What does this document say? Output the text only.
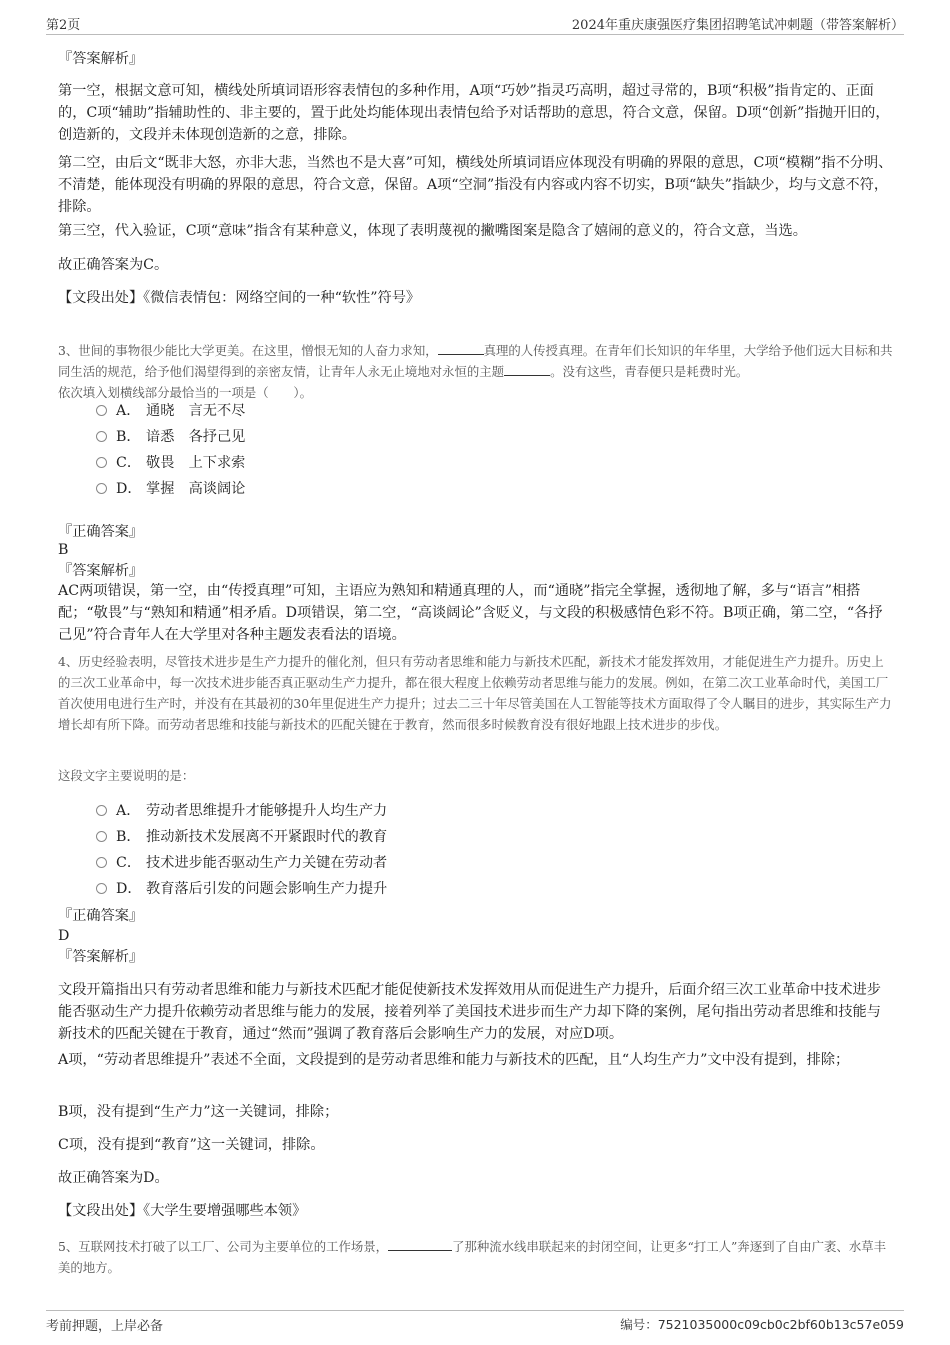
第2页	2024年重庆康强医疗集团招聘笔试冲刺题（带答案解析）
『答案解析』

第一空，根据文意可知，横线处所填词语形容表情包的多种作用，A项“巧妙”指灵巧高明，超过寻常的，B项“积极”指肯定的、正面的，C项“辅助”指辅助性的、非主要的，置于此处均能体现出表情包给予对话帮助的意思，符合文意，保留。D项“创新”指抛开旧的，创造新的，文段并未体现创造新的之意，排除。

第二空，由后文“既非大怒，亦非大悲，当然也不是大喜”可知，横线处所填词语应体现没有明确的界限的意思，C项“模糊”指不分明、不清楚，能体现没有明确的界限的意思，符合文意，保留。A项“空洞”指没有内容或内容不切实，B项“缺失”指缺少，均与文意不符，排除。

第三空，代入验证，C项“意味”指含有某种意义，体现了表明蔑视的撇嘴图案是隐含了嬉闹的意义的，符合文意，当选。

故正确答案为C。

【文段出处】《微信表情包：网络空间的一种“软性”符号》

3、世间的事物很少能比大学更美。在这里，憎恨无知的人奋力求知，	真理的人传授真理。在青年们长知识的年华里，大学给予他们远大目标和共同生活的规范，给予他们渴望得到的亲密友情，让青年人永无止境地对永恒的主题	。没有这些，青春便只是耗费时光。
依次填入划横线部分最恰当的一项是（　　）。

A． 通晓　言无不尽
B． 谙悉　各抒己见
C． 敬畏　上下求索
D． 掌握　高谈阔论
『正确答案』
B
『答案解析』

AC两项错误，第一空，由“传授真理”可知，主语应为熟知和精通真理的人，而“通晓”指完全掌握，透彻地了解，多与“语言”相搭配；“敬畏”与“熟知和精通”相矛盾。D项错误，第二空，“高谈阔论”含贬义，与文段的积极感情色彩不符。B项正确，第二空，“各抒己见”符合青年人在大学里对各种主题发表看法的语境。

4、历史经验表明，尽管技术进步是生产力提升的催化剂，但只有劳动者思维和能力与新技术匹配，新技术才能发挥效用，才能促进生产力提升。历史上的三次工业革命中，每一次技术进步能否真正驱动生产力提升，都在很大程度上依赖劳动者思维与能力的发展。例如，在第二次工业革命时代，美国工厂首次使用电进行生产时，并没有在其最初的30年里促进生产力提升；过去二三十年尽管美国在人工智能等技术方面取得了令人瞩目的进步，其实际生产力增长却有所下降。而劳动者思维和技能与新技术的匹配关键在于教育，然而很多时候教育没有很好地跟上技术进步的步伐。

这段文字主要说明的是：

A． 劳动者思维提升才能够提升人均生产力
B． 推动新技术发展离不开紧跟时代的教育
C． 技术进步能否驱动生产力关键在劳动者
D． 教育落后引发的问题会影响生产力提升
『正确答案』
D
『答案解析』

文段开篇指出只有劳动者思维和能力与新技术匹配才能促使新技术发挥效用从而促进生产力提升，后面介绍三次工业革命中技术进步能否驱动生产力提升依赖劳动者思维与能力的发展，接着列举了美国技术进步而生产力却下降的案例，尾句指出劳动者思维和技能与新技术的匹配关键在于教育，通过“然而”强调了教育落后会影响生产力的发展，对应D项。

A项，“劳动者思维提升”表述不全面，文段提到的是劳动者思维和能力与新技术的匹配，且“人均生产力”文中没有提到，排除；

B项，没有提到“生产力”这一关键词，排除；

C项，没有提到“教育”这一关键词，排除。

故正确答案为D。

【文段出处】《大学生要增强哪些本领》

5、互联网技术打破了以工厂、公司为主要单位的工作场景，	了那种流水线串联起来的封闭空间，让更多“打工人”奔逐到了自由广袤、水草丰美的地方。

考前押题，上岸必备	编号：7521035000c09cb0c2bf60b13c57e059
